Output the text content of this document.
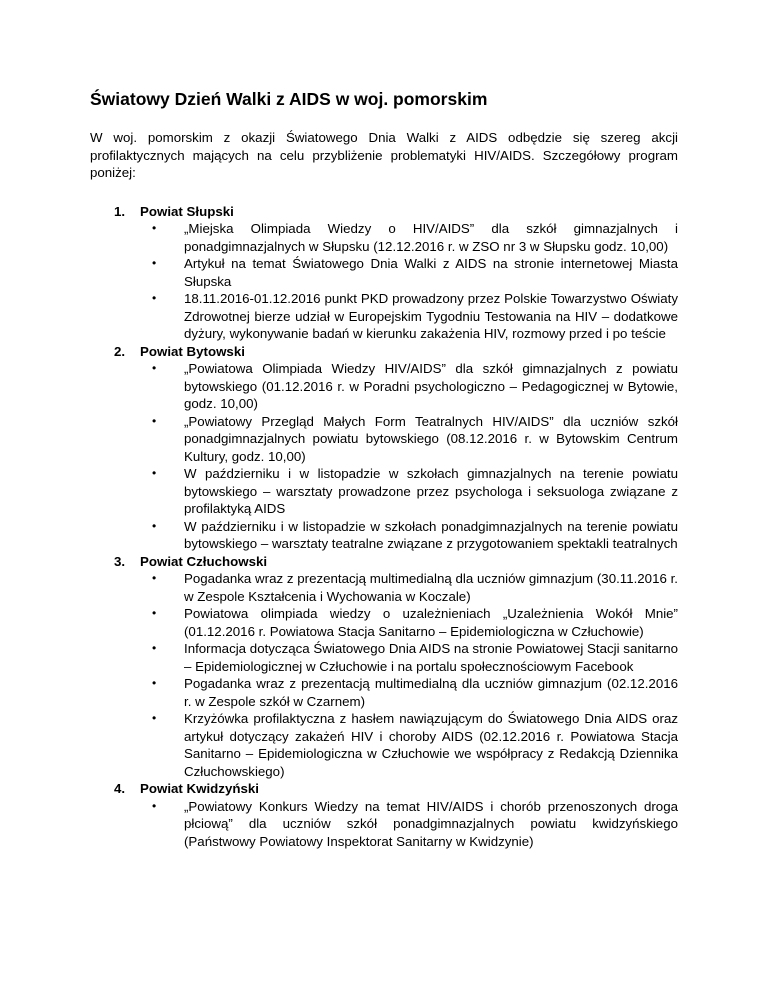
Światowy Dzień Walki z AIDS w woj. pomorskim

W woj. pomorskim z okazji Światowego Dnia Walki z AIDS odbędzie się szereg akcji profilaktycznych mających na celu przybliżenie problematyki HIV/AIDS. Szczegółowy program poniżej:

1. Powiat Słupski
• „Miejska Olimpiada Wiedzy o HIV/AIDS” dla szkół gimnazjalnych i ponadgimnazjalnych w Słupsku (12.12.2016 r. w ZSO nr 3 w Słupsku godz. 10,00)
• Artykuł na temat Światowego Dnia Walki z AIDS na stronie internetowej Miasta Słupska
• 18.11.2016-01.12.2016 punkt PKD prowadzony przez Polskie Towarzystwo Oświaty Zdrowotnej bierze udział w Europejskim Tygodniu Testowania na HIV – dodatkowe dyżury, wykonywanie badań w kierunku zakażenia HIV, rozmowy przed i po teście
2. Powiat Bytowski
• „Powiatowa Olimpiada Wiedzy HIV/AIDS” dla szkół gimnazjalnych z powiatu bytowskiego (01.12.2016 r. w Poradni psychologiczno – Pedagogicznej w Bytowie, godz. 10,00)
• „Powiatowy Przegląd Małych Form Teatralnych HIV/AIDS” dla uczniów szkół ponadgimnazjalnych powiatu bytowskiego (08.12.2016 r. w Bytowskim Centrum Kultury, godz. 10,00)
• W październiku i w listopadzie w szkołach gimnazjalnych na terenie powiatu bytowskiego – warsztaty prowadzone przez psychologa i seksuologa związane z profilaktyką AIDS
• W październiku i w listopadzie w szkołach ponadgimnazjalnych na terenie powiatu bytowskiego – warsztaty teatralne związane z przygotowaniem spektakli teatralnych
3. Powiat Człuchowski
• Pogadanka wraz z prezentacją multimedialną dla uczniów gimnazjum (30.11.2016 r. w Zespole Kształcenia i Wychowania w Koczale)
• Powiatowa olimpiada wiedzy o uzależnieniach „Uzależnienia Wokół Mnie” (01.12.2016 r. Powiatowa Stacja Sanitarno – Epidemiologiczna w Człuchowie)
• Informacja dotycząca Światowego Dnia AIDS na stronie Powiatowej Stacji sanitarno – Epidemiologicznej w Człuchowie i na portalu społecznościowym Facebook
• Pogadanka wraz z prezentacją multimedialną dla uczniów gimnazjum (02.12.2016 r. w Zespole szkół w Czarnem)
• Krzyżówka profilaktyczna z hasłem nawiązującym do Światowego Dnia AIDS oraz artykuł dotyczący zakażeń HIV i choroby AIDS (02.12.2016 r. Powiatowa Stacja Sanitarno – Epidemiologiczna w Człuchowie we współpracy z Redakcją Dziennika Człuchowskiego)
4. Powiat Kwidzyński
• „Powiatowy Konkurs Wiedzy na temat HIV/AIDS i chorób przenoszonych droga płciową” dla uczniów szkół ponadgimnazjalnych powiatu kwidzyńskiego (Państwowy Powiatowy Inspektorat Sanitarny w Kwidzynie)
